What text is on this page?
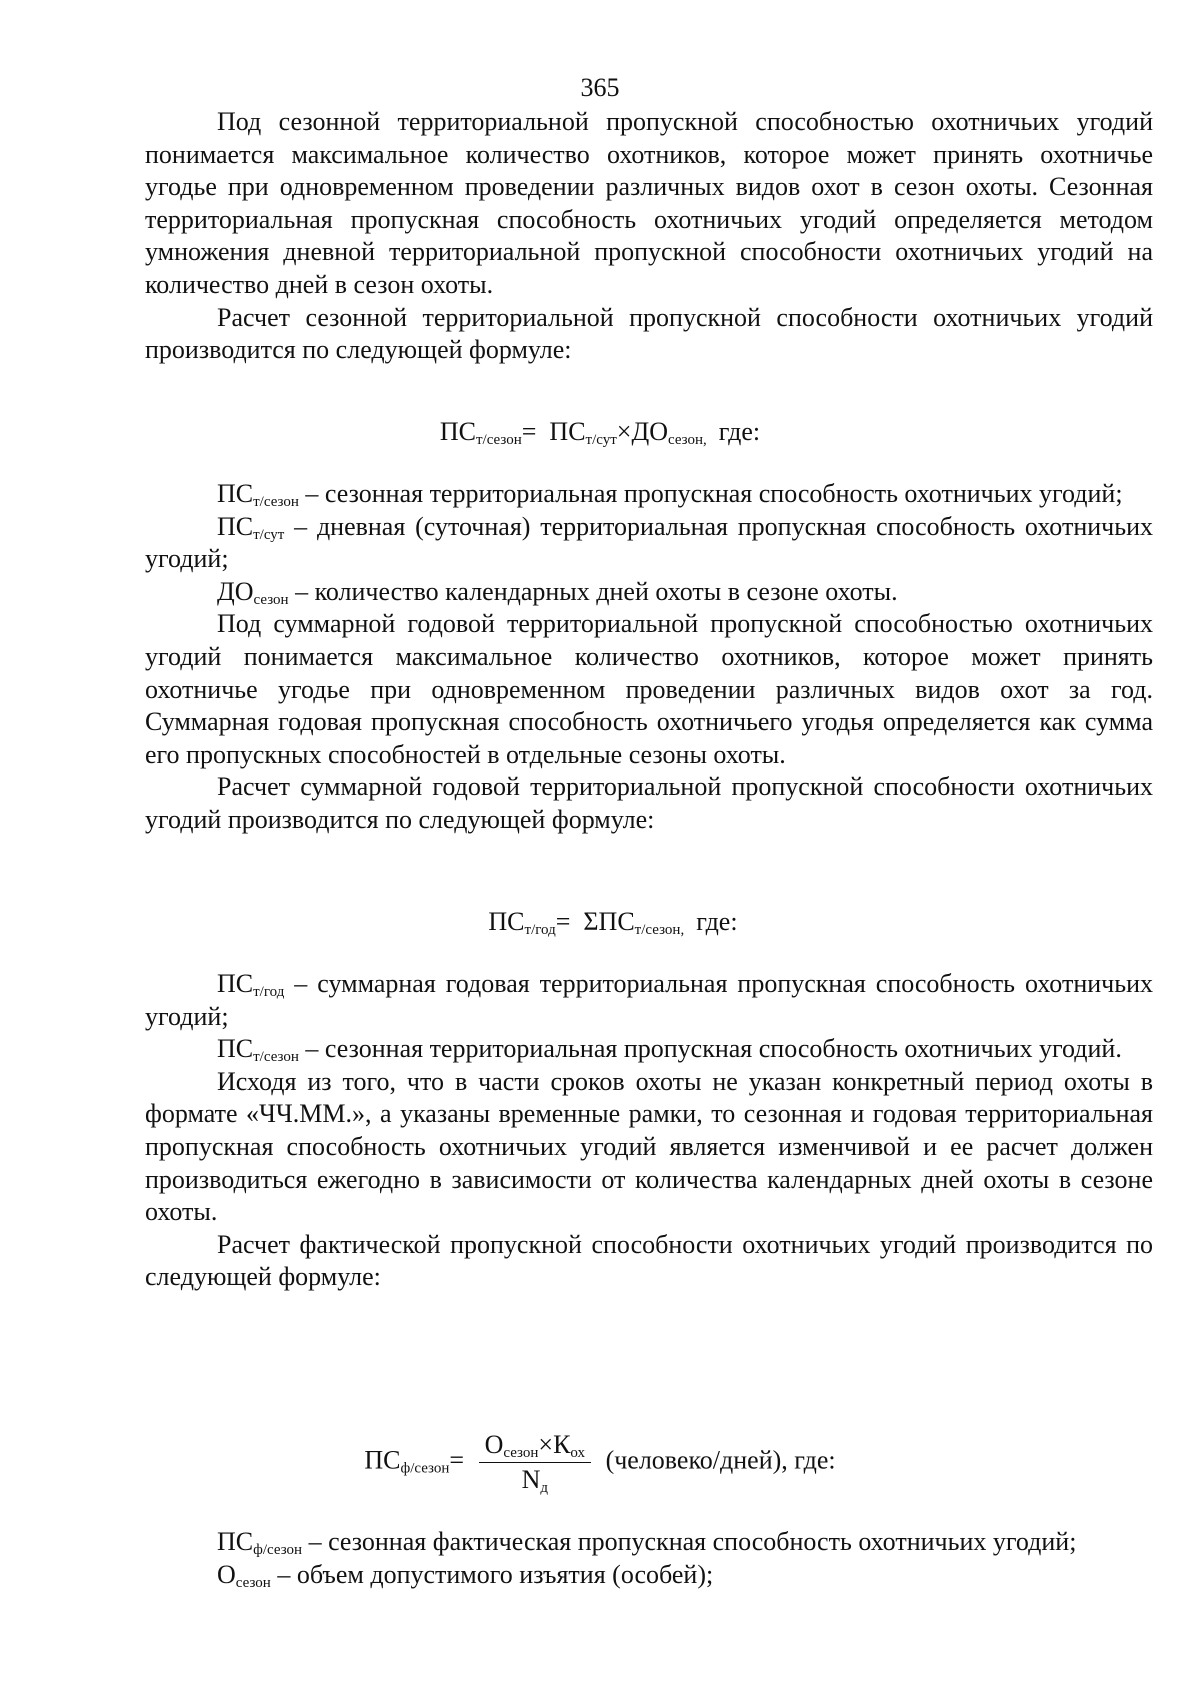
365

Под сезонной территориальной пропускной способностью охотничьих угодий понимается максимальное количество охотников, которое может принять охотничье угодье при одновременном проведении различных видов охот в сезон охоты. Сезонная территориальная пропускная способность охотничьих угодий определяется методом умножения дневной территориальной пропускной способности охотничьих угодий на количество дней в сезон охоты.

Расчет сезонной территориальной пропускной способности охотничьих угодий производится по следующей формуле:

$ПС_{т/сезон}= ПС_{т/сут}\times ДО_{сезон,}$ где:

$ПС_{т/сезон}$ – сезонная территориальная пропускная способность охотничьих угодий;

$ПС_{т/сут}$ – дневная (суточная) территориальная пропускная способность охотничьих угодий;

$ДО_{сезон}$ – количество календарных дней охоты в сезоне охоты.

Под суммарной годовой территориальной пропускной способностью охотничьих угодий понимается максимальное количество охотников, которое может принять охотничье угодье при одновременном проведении различных видов охот за год. Суммарная годовая пропускная способность охотничьего угодья определяется как сумма его пропускных способностей в отдельные сезоны охоты.

Расчет суммарной годовой территориальной пропускной способности охотничьих угодий производится по следующей формуле:

$ПС_{т/год}= \Sigma ПС_{т/сезон,}$ где:

$ПС_{т/год}$ – суммарная годовая территориальная пропускная способность охотничьих угодий;

$ПС_{т/сезон}$ – сезонная территориальная пропускная способность охотничьих угодий.

Исходя из того, что в части сроков охоты не указан конкретный период охоты в формате «ЧЧ.ММ.», а указаны временные рамки, то сезонная и годовая территориальная пропускная способность охотничьих угодий является изменчивой и ее расчет должен производиться ежегодно в зависимости от количества календарных дней охоты в сезоне охоты.

Расчет фактической пропускной способности охотничьих угодий производится по следующей формуле:

$ПС_{ф/сезон}= \frac{О_{сезон}\times К_{ох}}{N_д}$ (человеко/дней), где:

$ПС_{ф/сезон}$ – сезонная фактическая пропускная способность охотничьих угодий;

$О_{сезон}$ – объем допустимого изъятия (особей);
